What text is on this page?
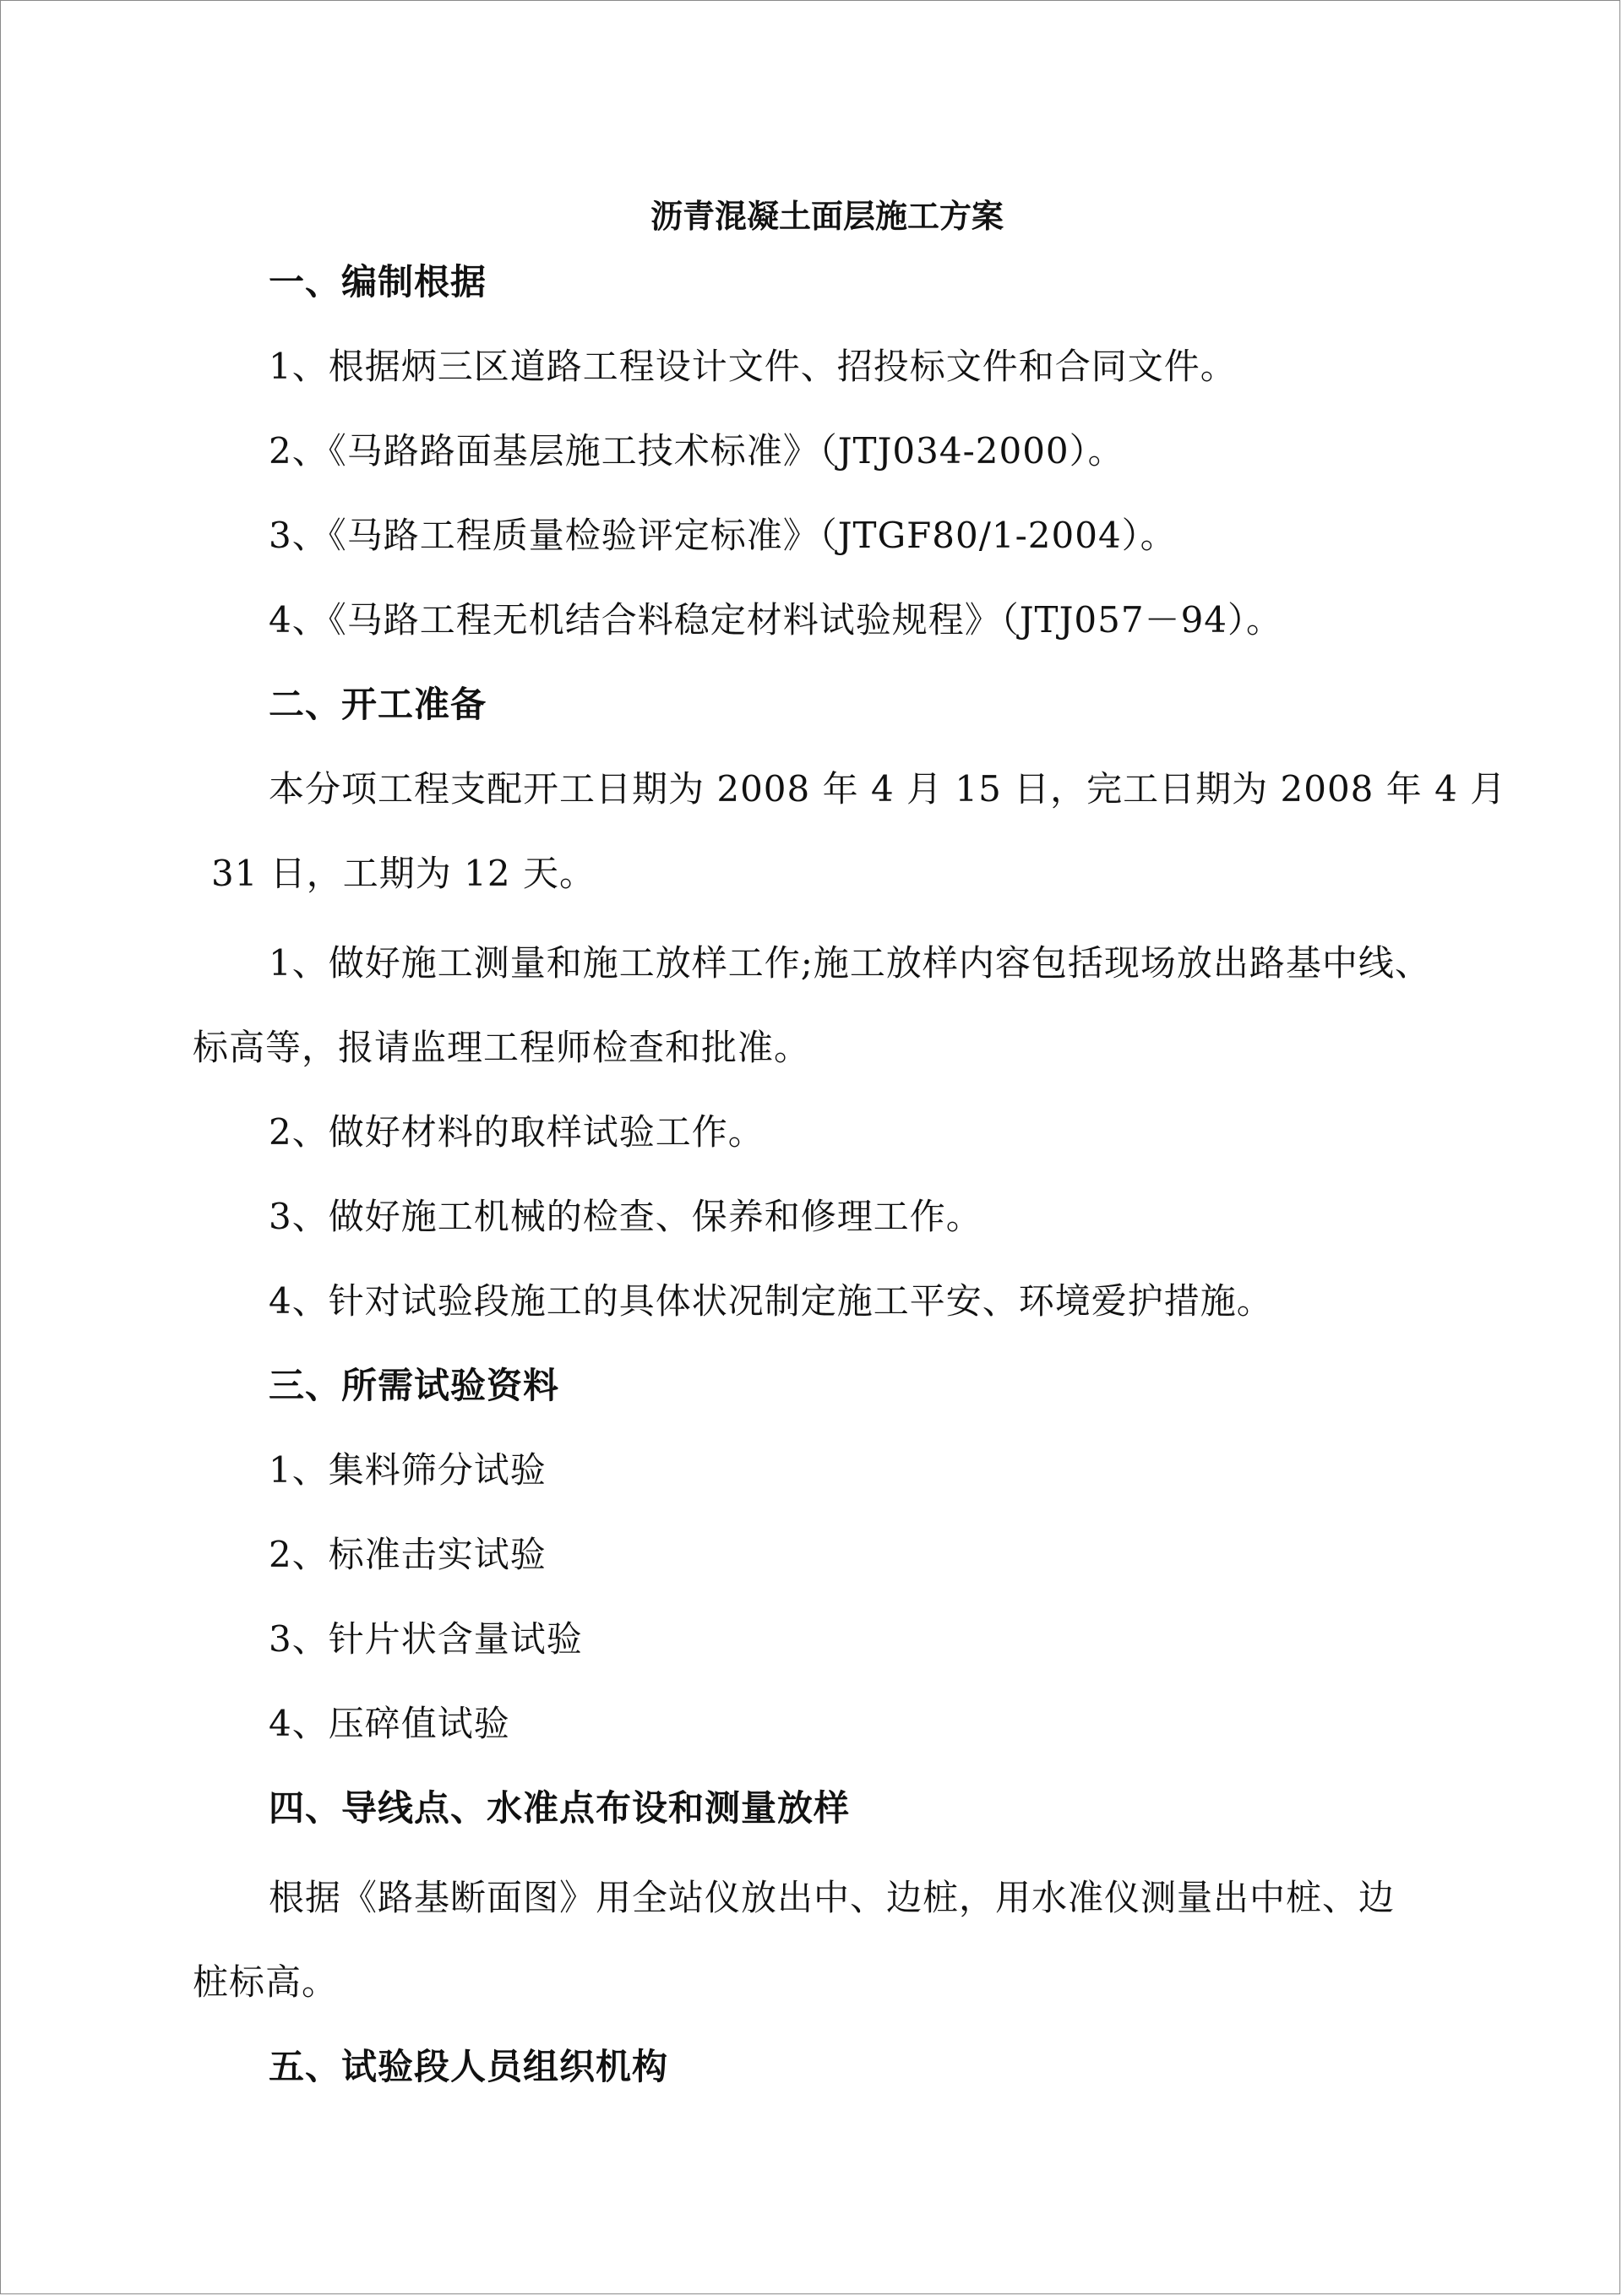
沥青混凝土面层施工方案
一、编制根据
1、根据炳三区道路工程设计文件、招投标文件和合同文件。
2、《马路路面基层施工技术标准》（JTJ034-2000）。
3、《马路工程质量检验评定标准》（JTGF80/1-2004）。
4、《马路工程无机结合料稳定材料试验规程》（JTJ057－94）。
二、开工准备
本分项工程支配开工日期为 2008 年 4 月 15 日，完工日期为 2008 年 4 月
31 日，工期为 12 天。
1、做好施工测量和施工放样工作;施工放样内容包括现场放出路基中线、
标高等，报请监理工程师检查和批准。
2、做好材料的取样试验工作。
3、做好施工机械的检查、保养和修理工作。
4、针对试验段施工的具体状况制定施工平安、环境爱护措施。
三、所需试验资料
1、集料筛分试验
2、标准击实试验
3、针片状含量试验
4、压碎值试验
四、导线点、水准点布设和测量放样
根据《路基断面图》用全站仪放出中、边桩，用水准仪测量出中桩、边
桩标高。
五、试验段人员组织机构
